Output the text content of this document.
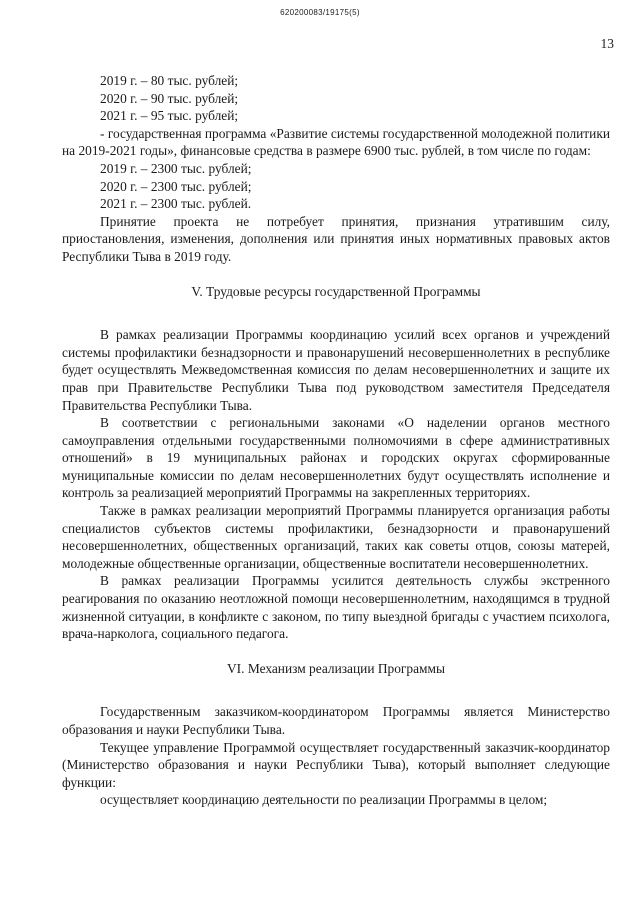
620200083/19175(5)
13

2019 г. – 80 тыс. рублей;

2020 г. – 90 тыс. рублей;

2021 г. – 95 тыс. рублей;

- государственная программа «Развитие системы государственной молодежной политики на 2019-2021 годы», финансовые средства в размере 6900 тыс. рублей, в том числе по годам:

2019 г. – 2300 тыс. рублей;

2020 г. – 2300 тыс. рублей;

2021 г. – 2300 тыс. рублей.

Принятие проекта не потребует принятия, признания утратившим силу, приостановления, изменения, дополнения или принятия иных нормативных правовых актов Республики Тыва в 2019 году.

V. Трудовые ресурсы государственной Программы

В рамках реализации Программы координацию усилий всех органов и учреждений системы профилактики безнадзорности и правонарушений несовершеннолетних в республике будет осуществлять Межведомственная комиссия по делам несовершеннолетних и защите их прав при Правительстве Республики Тыва под руководством заместителя Председателя Правительства Республики Тыва.

В соответствии с региональными законами «О наделении органов местного самоуправления отдельными государственными полномочиями в сфере административных отношений» в 19 муниципальных районах и городских округах сформированные муниципальные комиссии по делам несовершеннолетних будут осуществлять исполнение и контроль за реализацией мероприятий Программы на закрепленных территориях.

Также в рамках реализации мероприятий Программы планируется организация работы специалистов субъектов системы профилактики, безнадзорности и правонарушений несовершеннолетних, общественных организаций, таких как советы отцов, союзы матерей, молодежные общественные организации, общественные воспитатели несовершеннолетних.

В рамках реализации Программы усилится деятельность службы экстренного реагирования по оказанию неотложной помощи несовершеннолетним, находящимся в трудной жизненной ситуации, в конфликте с законом, по типу выездной бригады с участием психолога, врача-нарколога, социального педагога.

VI. Механизм реализации Программы

Государственным заказчиком-координатором Программы является Министерство образования и науки Республики Тыва.

Текущее управление Программой осуществляет государственный заказчик-координатор (Министерство образования и науки Республики Тыва), который выполняет следующие функции:

осуществляет координацию деятельности по реализации Программы в целом;
